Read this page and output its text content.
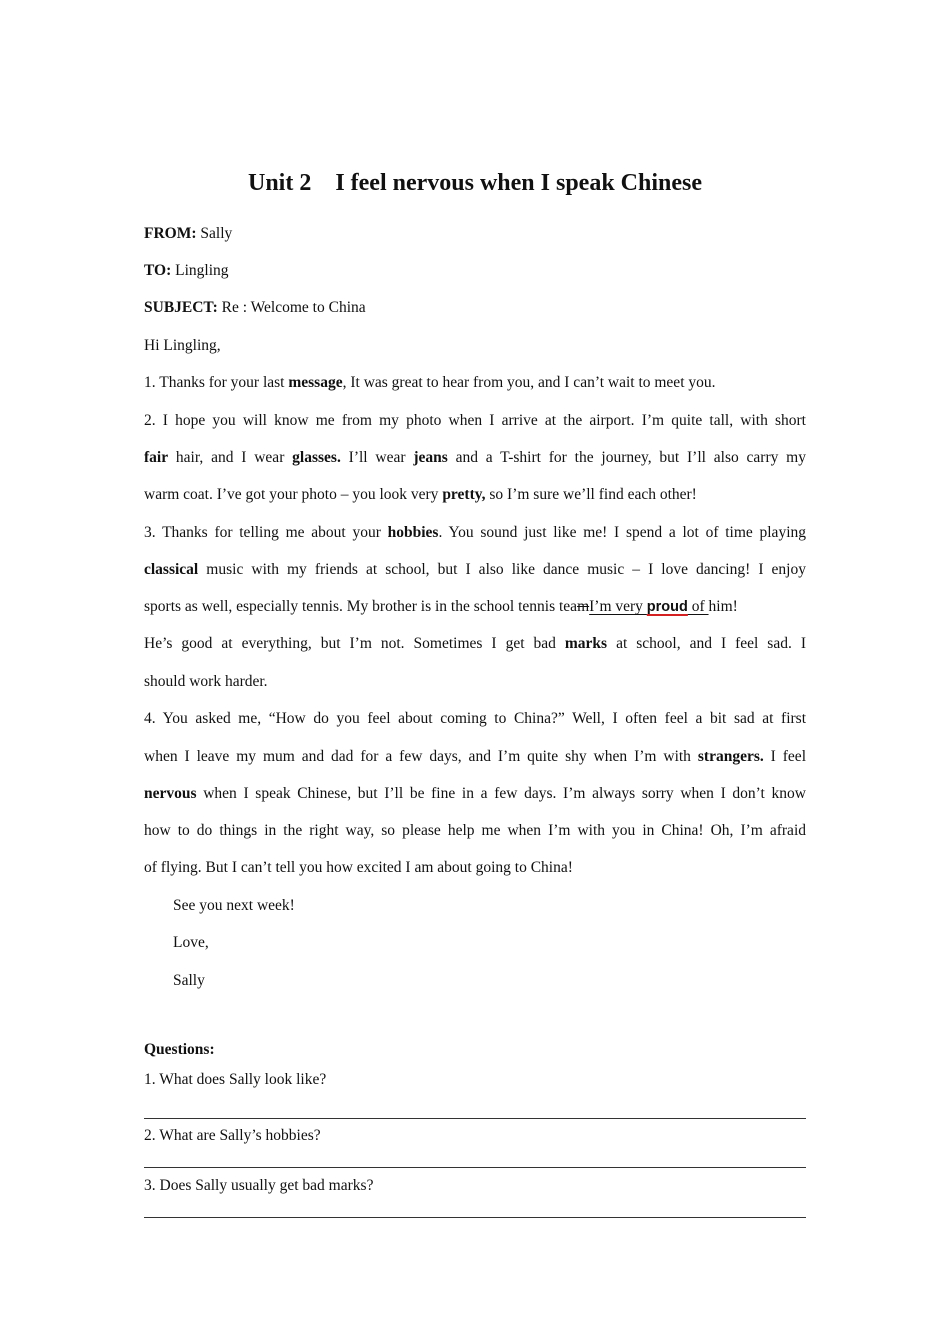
Unit 2    I feel nervous when I speak Chinese
FROM: Sally
TO: Lingling
SUBJECT: Re : Welcome to China
Hi Lingling,
1. Thanks for your last message, It was great to hear from you, and I can’t wait to meet you.
2. I hope you will know me from my photo when I arrive at the airport. I’m quite tall, with short
fair hair, and I wear glasses. I’ll wear jeans and a T-shirt for the journey, but I’ll also carry my
warm coat. I’ve got your photo – you look very pretty, so I’m sure we’ll find each other!
3. Thanks for telling me about your hobbies. You sound just like me! I spend a lot of time playing
classical music with my friends at school, but I also like dance music – I love dancing! I enjoy
sports as well, especially tennis. My brother is in the school tennis teamI’m very proud of him!
He’s good at everything, but I’m not. Sometimes I get bad marks at school, and I feel sad. I
should work harder.
4. You asked me, “How do you feel about coming to China?” Well, I often feel a bit sad at first
when I leave my mum and dad for a few days, and I’m quite shy when I’m with strangers. I feel
nervous when I speak Chinese, but I’ll be fine in a few days. I’m always sorry when I don’t know
how to do things in the right way, so please help me when I’m with you in China! Oh, I’m afraid
of flying. But I can’t tell you how excited I am about going to China!
See you next week!
Love,
Sally
Questions:
1. What does Sally look like?
2. What are Sally’s hobbies?
3. Does Sally usually get bad marks?
